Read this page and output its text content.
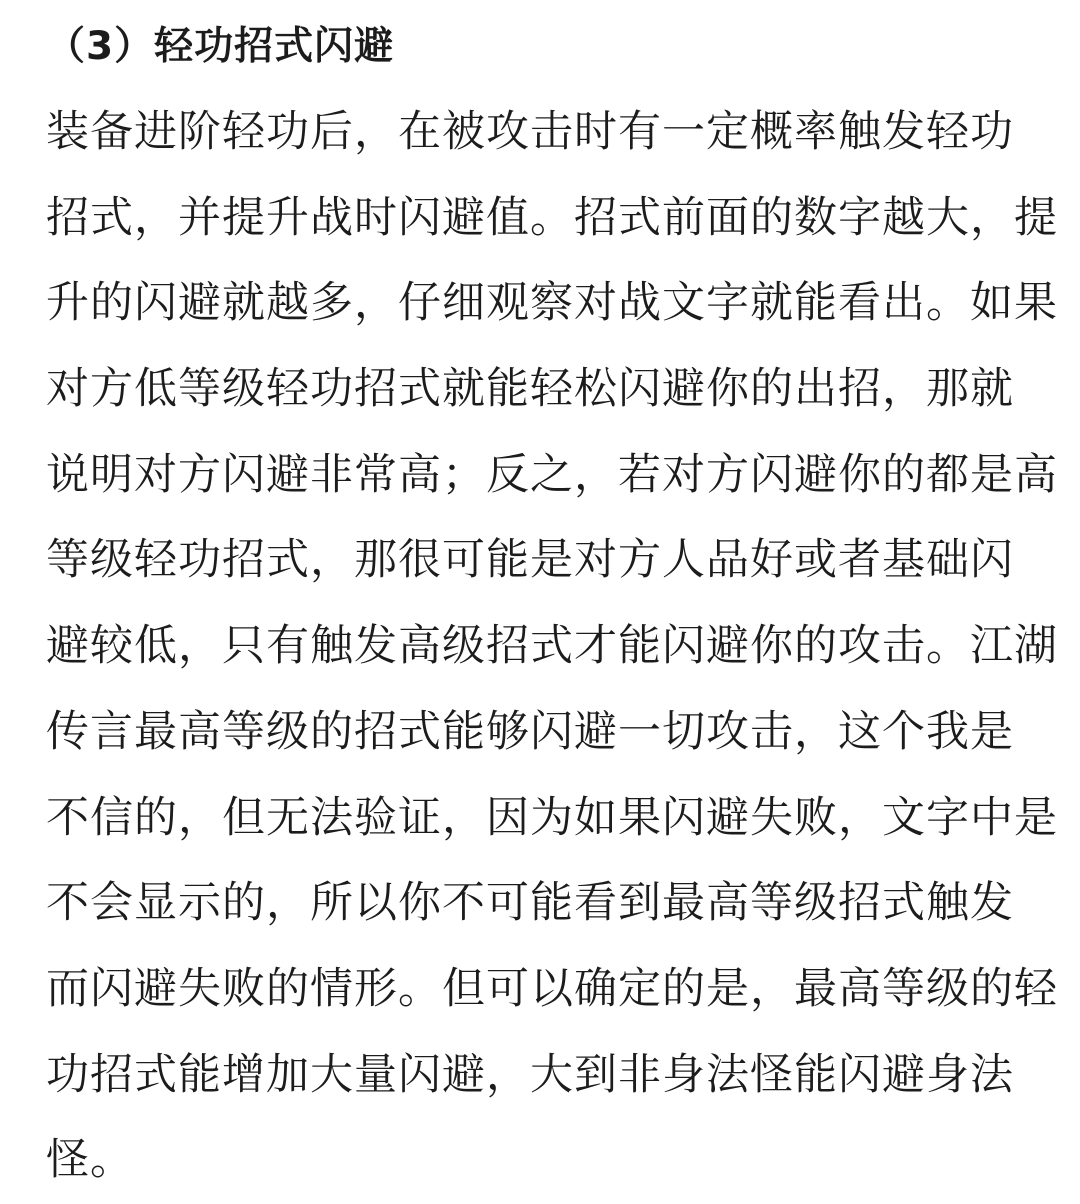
（3）轻功招式闪避
装备进阶轻功后，在被攻击时有一定概率触发轻功
招式，并提升战时闪避值。招式前面的数字越大，提
升的闪避就越多，仔细观察对战文字就能看出。如果
对方低等级轻功招式就能轻松闪避你的出招，那就
说明对方闪避非常高；反之，若对方闪避你的都是高
等级轻功招式，那很可能是对方人品好或者基础闪
避较低，只有触发高级招式才能闪避你的攻击。江湖
传言最高等级的招式能够闪避一切攻击，这个我是
不信的，但无法验证，因为如果闪避失败，文字中是
不会显示的，所以你不可能看到最高等级招式触发
而闪避失败的情形。但可以确定的是，最高等级的轻
功招式能增加大量闪避，大到非身法怪能闪避身法
怪。
